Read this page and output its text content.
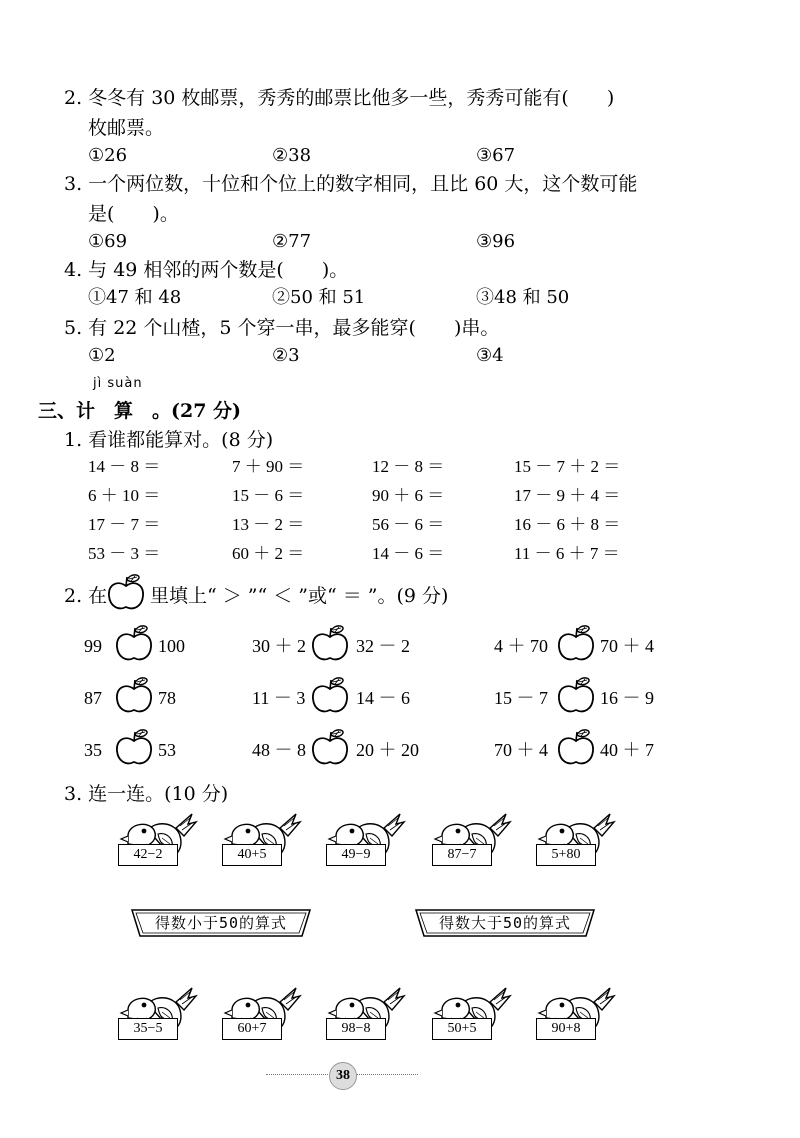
2. 冬冬有 30 枚邮票，秀秀的邮票比他多一些，秀秀可能有(　　)
枚邮票。
①26	②38	③67
3. 一个两位数，十位和个位上的数字相同，且比 60 大，这个数可能
是(　　)。
①69	②77	③96
4. 与 49 相邻的两个数是(　　)。
①47 和 48	②50 和 51	③48 和 50
5. 有 22 个山楂，5 个穿一串，最多能穿(　　)串。
①2	②3	③4
jì suàn
三、计　算　。(27 分)
1. 看谁都能算对。(8 分)
14 － 8 ＝	7 ＋ 90 ＝	12 － 8 ＝	15 － 7 ＋ 2 ＝
6 ＋ 10 ＝	15 － 6 ＝	90 ＋ 6 ＝	17 － 9 ＋ 4 ＝
17 － 7 ＝	13 － 2 ＝	56 － 6 ＝	16 － 6 ＋ 8 ＝
53 － 3 ＝	60 ＋ 2 ＝	14 － 6 ＝	11 － 6 ＋ 7 ＝
2. 在 里填上“ ＞ ”“ ＜ ”或“ ＝ ”。(9 分)
99	100	30 ＋ 2	32 － 2	4 ＋ 70	70 ＋ 4
87	78	11 － 3	14 － 6	15 － 7	16 － 9
35	53	48 － 8	20 ＋ 20	70 ＋ 4	40 ＋ 7
3. 连一连。(10 分)
42−2	40+5	49−9	87−7	5+80
得数小于50的算式	得数大于50的算式
35−5	60+7	98−8	50+5	90+8
38
